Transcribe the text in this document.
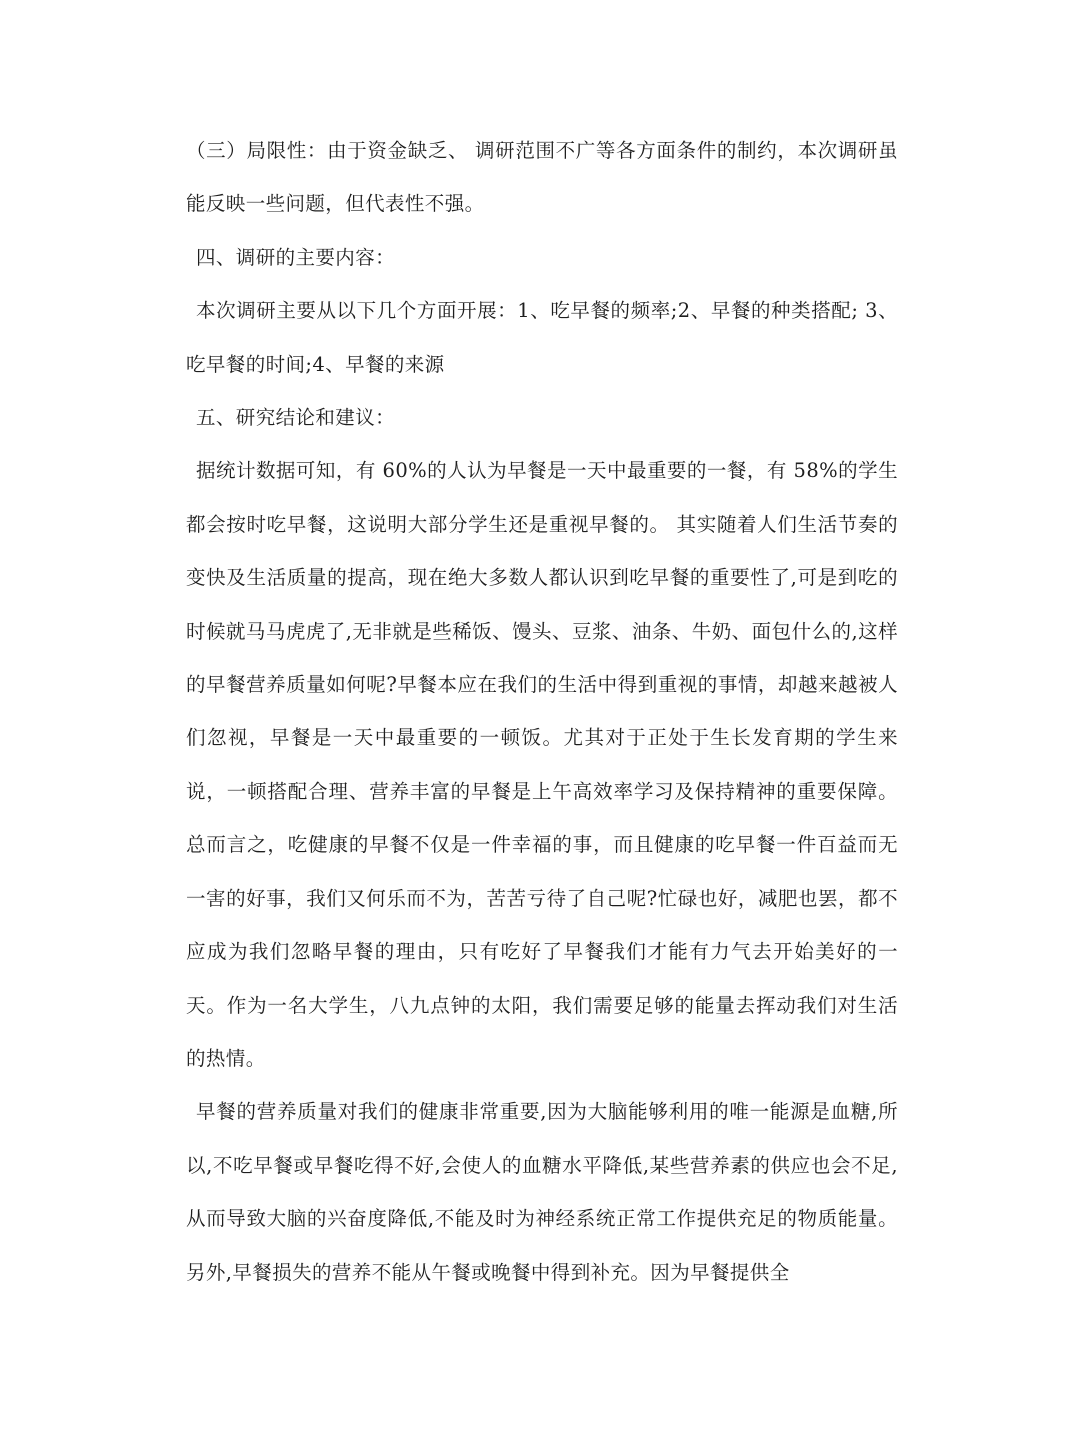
（三）局限性：由于资金缺乏、 调研范围不广等各方面条件的制约，本次调研虽能反映一些问题，但代表性不强。

四、调研的主要内容：

本次调研主要从以下几个方面开展：1、吃早餐的频率;2、早餐的种类搭配; 3、吃早餐的时间;4、早餐的来源

五、研究结论和建议：

据统计数据可知，有 60%的人认为早餐是一天中最重要的一餐，有 58%的学生都会按时吃早餐，这说明大部分学生还是重视早餐的。 其实随着人们生活节奏的变快及生活质量的提高，现在绝大多数人都认识到吃早餐的重要性了,可是到吃的时候就马马虎虎了,无非就是些稀饭、馒头、豆浆、油条、牛奶、面包什么的,这样的早餐营养质量如何呢?早餐本应在我们的生活中得到重视的事情，却越来越被人们忽视，早餐是一天中最重要的一顿饭。尤其对于正处于生长发育期的学生来说，一顿搭配合理、营养丰富的早餐是上午高效率学习及保持精神的重要保障。总而言之，吃健康的早餐不仅是一件幸福的事，而且健康的吃早餐一件百益而无一害的好事，我们又何乐而不为，苦苦亏待了自己呢?忙碌也好，减肥也罢，都不应成为我们忽略早餐的理由，只有吃好了早餐我们才能有力气去开始美好的一天。作为一名大学生，八九点钟的太阳，我们需要足够的能量去挥动我们对生活的热情。

早餐的营养质量对我们的健康非常重要,因为大脑能够利用的唯一能源是血糖,所以,不吃早餐或早餐吃得不好,会使人的血糖水平降低,某些营养素的供应也会不足,从而导致大脑的兴奋度降低,不能及时为神经系统正常工作提供充足的物质能量。另外,早餐损失的营养不能从午餐或晚餐中得到补充。因为早餐提供全
